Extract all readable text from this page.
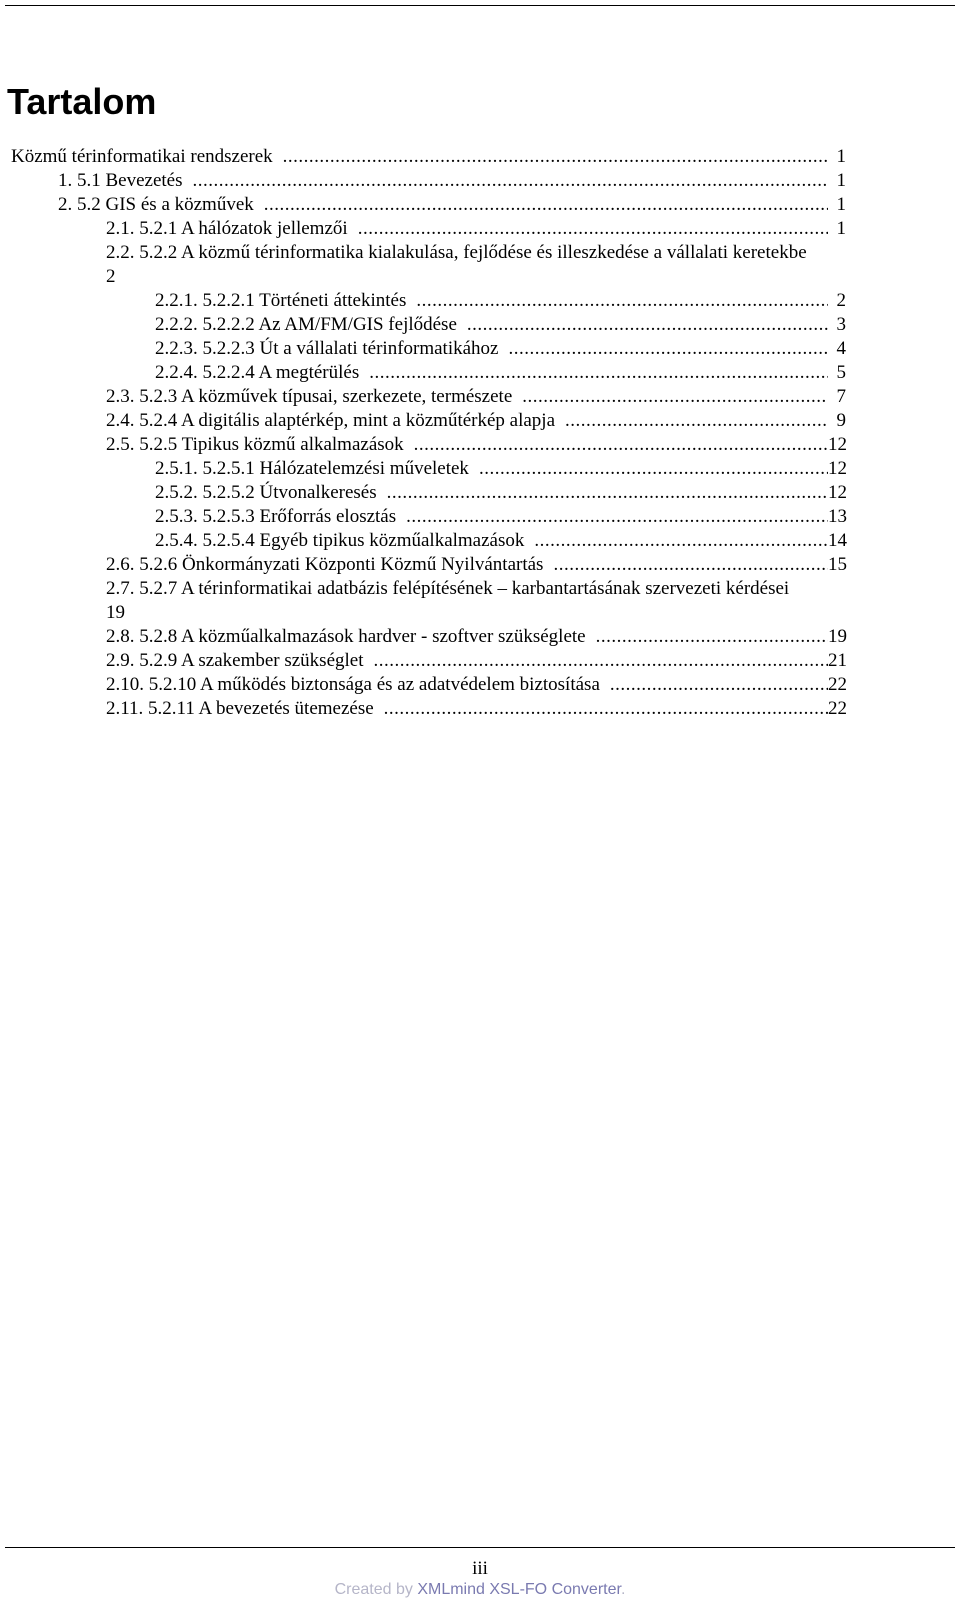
Tartalom
Közmű térinformatikai rendszerek .....	1
1. 5.1 Bevezetés .....	1
2. 5.2 GIS és a közművek .....	1
2.1. 5.2.1 A hálózatok jellemzői .....	1
2.2. 5.2.2 A közmű térinformatika kialakulása, fejlődése és illeszkedése a vállalati keretekbe
2
2.2.1. 5.2.2.1 Történeti áttekintés .....	2
2.2.2. 5.2.2.2 Az AM/FM/GIS fejlődése .....	3
2.2.3. 5.2.2.3 Út a vállalati térinformatikához .....	4
2.2.4. 5.2.2.4 A megtérülés .....	5
2.3. 5.2.3 A közművek típusai, szerkezete, természete .....	7
2.4. 5.2.4 A digitális alaptérkép, mint a közműtérkép alapja .....	9
2.5. 5.2.5 Tipikus közmű alkalmazások .....	12
2.5.1. 5.2.5.1 Hálózatelemzési műveletek .....	12
2.5.2. 5.2.5.2 Útvonalkeresés .....	12
2.5.3. 5.2.5.3 Erőforrás elosztás .....	13
2.5.4. 5.2.5.4 Egyéb tipikus közműalkalmazások .....	14
2.6. 5.2.6 Önkormányzati Központi Közmű Nyilvántartás .....	15
2.7. 5.2.7 A térinformatikai adatbázis felépítésének – karbantartásának szervezeti kérdései
19
2.8. 5.2.8 A közműalkalmazások hardver - szoftver szükséglete .....	19
2.9. 5.2.9 A szakember szükséglet .....	21
2.10. 5.2.10 A működés biztonsága és az adatvédelem biztosítása .....	22
2.11. 5.2.11 A bevezetés ütemezése .....	22
iii
Created by XMLmind XSL-FO Converter.
